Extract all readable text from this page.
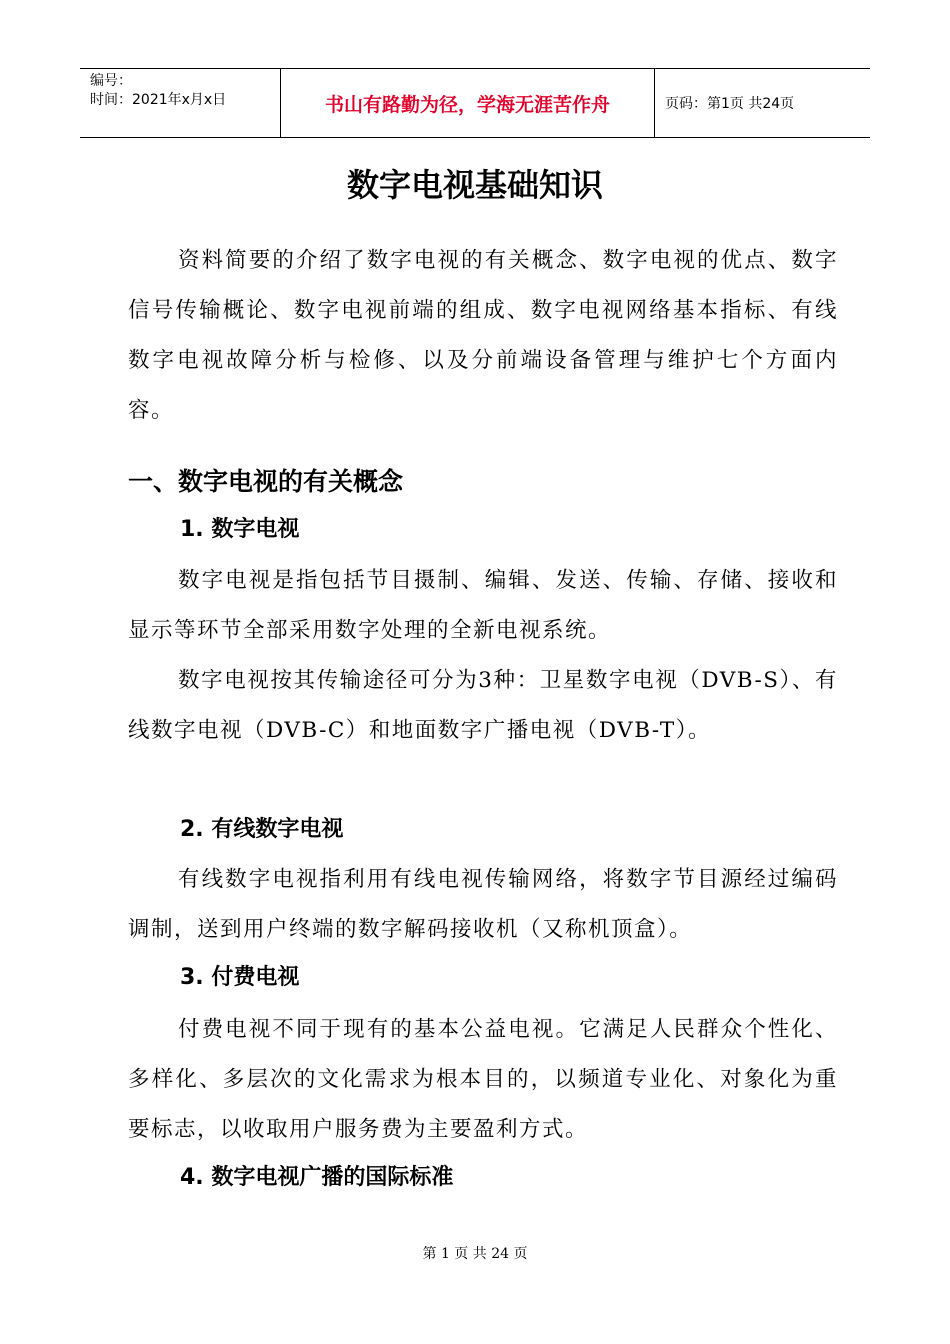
编号：
时间：2021年x月x日	书山有路勤为径，学海无涯苦作舟	页码：第1页 共24页
数字电视基础知识

资料简要的介绍了数字电视的有关概念、数字电视的优点、数字信号传输概论、数字电视前端的组成、数字电视网络基本指标、有线数字电视故障分析与检修、以及分前端设备管理与维护七个方面内容。

一、数字电视的有关概念
1. 数字电视

数字电视是指包括节目摄制、编辑、发送、传输、存储、接收和显示等环节全部采用数字处理的全新电视系统。

数字电视按其传输途径可分为3种：卫星数字电视（DVB-S）、有线数字电视（DVB-C）和地面数字广播电视（DVB-T）。

2. 有线数字电视

有线数字电视指利用有线电视传输网络，将数字节目源经过编码调制，送到用户终端的数字解码接收机（又称机顶盒）。

3. 付费电视

付费电视不同于现有的基本公益电视。它满足人民群众个性化、多样化、多层次的文化需求为根本目的，以频道专业化、对象化为重要标志，以收取用户服务费为主要盈利方式。

4. 数字电视广播的国际标准
第 1 页 共 24 页
